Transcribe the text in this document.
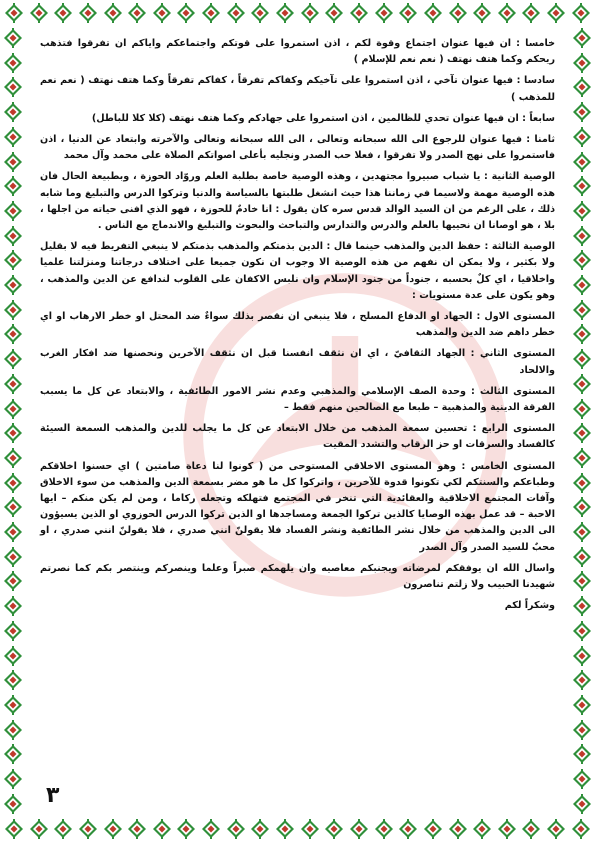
خامسا : ان فيها عنوان اجتماع وقوة لكم ، اذن استمروا على قوتكم واجتماعكم واياكم ان تفرقوا فتذهب ريحكم وكما هتف نهتف ( نعم نعم للإسلام )

سادسا : فيها عنوان تآخي ، اذن استمروا على تآخيكم وكفاكم تفرقاً ، كفاكم تفرقاً وكما هتف نهتف ( نعم نعم للمذهب )

سابعاً : ان فيها عنوان تحدي للظالمين ، اذن استمروا على جهادكم وكما هتف نهتف (كلا كلا للباطل)

ثامنا : فيها عنوان للرجوع الى الله سبحانه وتعالى ، الى الله سبحانه وتعالى والآخرته وابتعاد عن الدنيا ، اذن فاستمروا على نهج الصدر ولا تفرقوا ، فعلا حب الصدر ونجليه بأعلى اصواتكم الصلاة على محمد وآل محمد

الوصية الثانية : يا شباب صبيروا مجتهدين ، وهذه الوصية خاصة بطلبة العلم وروّاد الحوزة ، وبطبيعة الحال فان هذه الوصية مهمة ولاسيما في زماننا هذا حيث انشغل طلبتها بالسياسة والدنيا وتركوا الدرس والتبليغ وما شابه ذلك ، على الرغم من ان السيد الوالد قدس سره كان يقول : انا خادمٌ للحوزة ، فهو الذي افنى حياته من اجلها ، بلا ، هو اوصانا ان نحييها بالعلم والدرس والتدارس والتباحث والبحوث والتبليغ والاندماج مع الناس .

الوصية الثالثة : حفظ الدين والمذهب حينما قال : الدين بذمتكم والمذهب بذمتكم لا ينبغي التفريط فيه لا بقليل ولا بكثير ، ولا يمكن ان نفهم من هذه الوصية الا وجوب ان نكون جميعا على اختلاف درجاتنا ومنزلتنا علميا واخلاقيا ، اي كلٌ بحسبه ، جنوداً من جنود الإسلام وان نلبس الاكفان على القلوب لندافع عن الدين والمذهب ، وهو يكون على عدة مستويات :

المستوى الاول : الجهاد او الدفاع المسلح ، فلا ينبغي ان نقصر بذلك سواءٌ ضد المحتل او خطر الارهاب او اي خطر داهم ضد الدين والمذهب

المستوى الثاني : الجهاد الثقافيّ ، اي ان نثقف انفسنا قبل ان نثقف الآخرين ونحصنها ضد افكار الغرب والالحاد

المستوى الثالث : وحدة الصف الإسلامي والمذهبي وعدم نشر الامور الطائفية ، والابتعاد عن كل ما يسبب الفرقة الدينية والمذهبية – طبعا مع الصالحين منهم فقط –

المستوى الرابع : تحسين سمعة المذهب من خلال الابتعاد عن كل ما يجلب للدين والمذهب السمعة السيئة كالفساد والسرقات او حز الرقاب والتشدد المقيت

المستوى الخامس : وهو المستوى الاخلاقي المستوحى من ( كونوا لنا دعاة صامتين ) اي حسنوا اخلاقكم وطباعكم والسنتكم لكي تكونوا قدوة للآخرين ، واتركوا كل ما هو مضر بسمعة الدين والمذهب من سوء الاخلاق وآفات المجتمع الاخلاقية والعقائدية التي تنخر في المجتمع فتهلكه وتجعله ركاما ، ومن لم يكن منكم – ايها الاحبة – قد عمل بهذه الوصايا كالذين تركوا الجمعة ومساجدها او الذين تركوا الدرس الحوزوي او الذين يسيؤون الى الدين والمذهب من خلال نشر الطائفية ونشر الفساد فلا يقولنّ انني صدري ، فلا يقولنّ انني صدري ، او محبٌ للسيد الصدر وآل الصدر

واسال الله ان يوفقكم لمرضاته ويجنبكم معاصيه وان يلهمكم صبراً وعلما وينصركم وينتصر بكم كما نصرتم شهيدنا الحبيب ولا زلتم تناصرون

وشكراً لكم

٣
